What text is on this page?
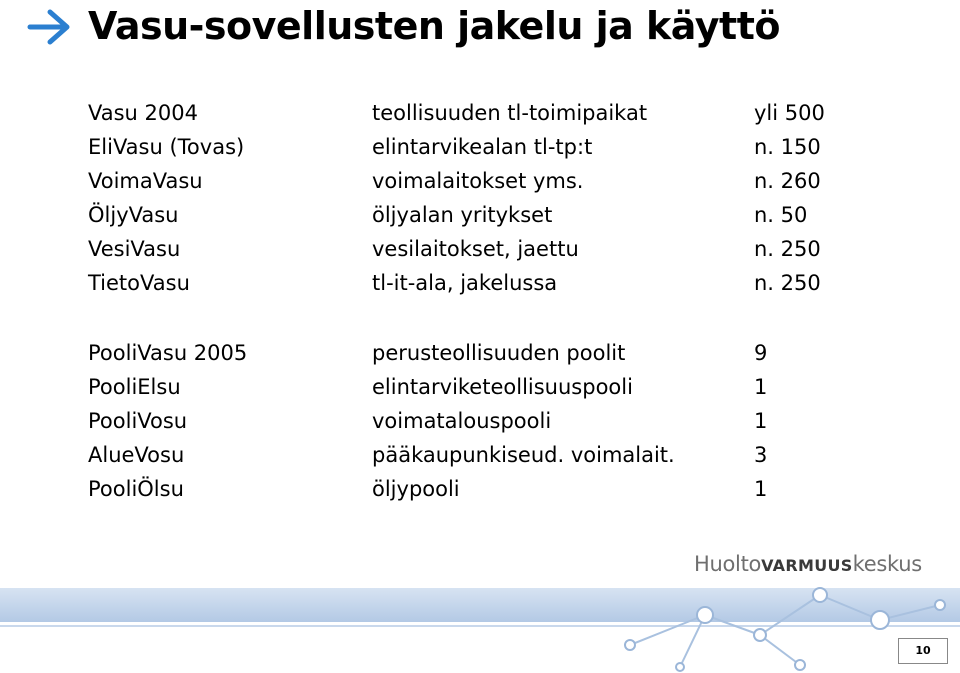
Vasu-sovellusten jakelu ja käyttö
Vasu 2004	teollisuuden tl-toimipaikat	yli 500
EliVasu (Tovas)	elintarvikealan tl-tp:t	n. 150
VoimaVasu	voimalaitokset yms.	n. 260
ÖljyVasu	öljyalan yritykset	n. 50
VesiVasu	vesilaitokset, jaettu	n. 250
TietoVasu	tl-it-ala, jakelussa	n. 250
PooliVasu 2005	perusteollisuuden poolit	9
PooliElsu	elintarviketeollisuuspooli	1
PooliVosu	voimatalouspooli	1
AlueVosu	pääkaupunkiseud. voimalait.	3
PooliÖlsu	öljypooli	1
HuoltoVARMUUSkeskus
10
